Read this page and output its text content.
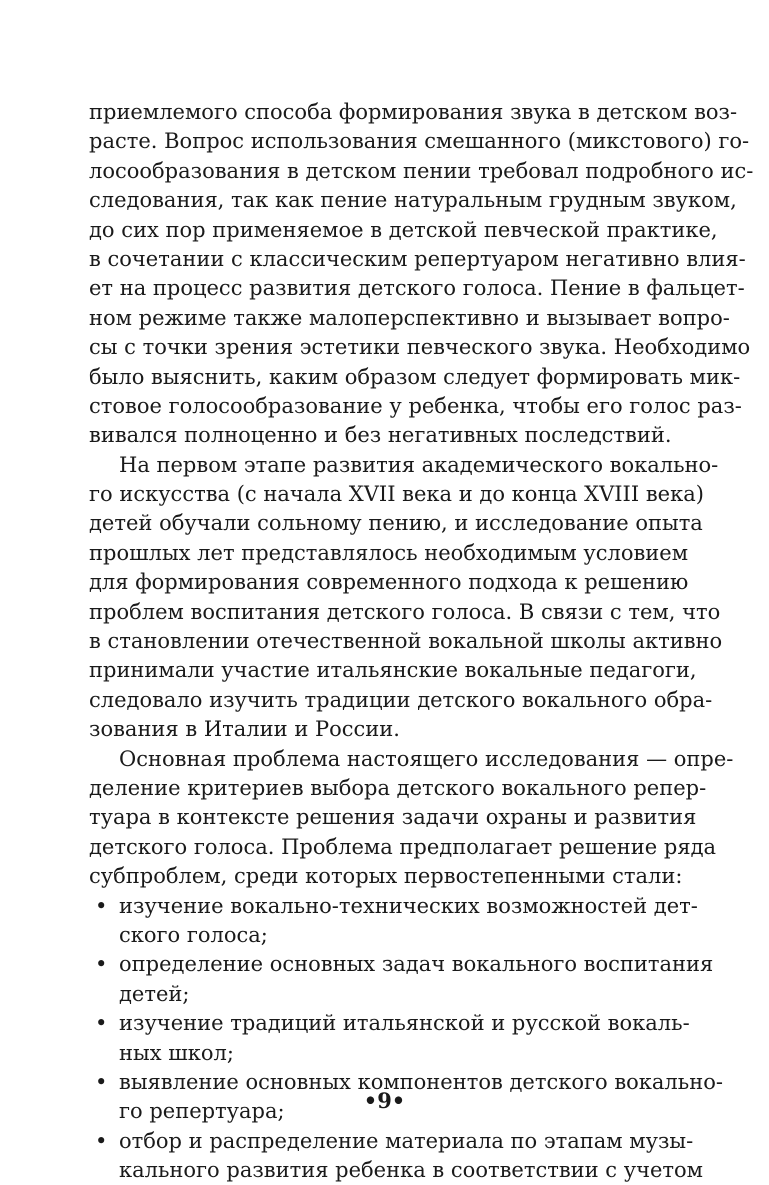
приемлемого способа формирования звука в детском воз-
расте. Вопрос использования смешанного (микстового) го-
лосообразования в детском пении требовал подробного ис-
следования, так как пение натуральным грудным звуком,
до сих пор применяемое в детской певческой практике,
в сочетании с классическим репертуаром негативно влия-
ет на процесс развития детского голоса. Пение в фальцет-
ном режиме также малоперспективно и вызывает вопро-
сы с точки зрения эстетики певческого звука. Необходимо
было выяснить, каким образом следует формировать мик-
стовое голосообразование у ребенка, чтобы его голос раз-
вивался полноценно и без негативных последствий.
На первом этапе развития академического вокально-
го искусства (с начала XVII века и до конца XVIII века)
детей обучали сольному пению, и исследование опыта
прошлых лет представлялось необходимым условием
для формирования современного подхода к решению
проблем воспитания детского голоса. В связи с тем, что
в становлении отечественной вокальной школы активно
принимали участие итальянские вокальные педагоги,
следовало изучить традиции детского вокального обра-
зования в Италии и России.
Основная проблема настоящего исследования — опре-
деление критериев выбора детского вокального репер-
туара в контексте решения задачи охраны и развития
детского голоса. Проблема предполагает решение ряда
субпроблем, среди которых первостепенными стали:
• изучение вокально-технических возможностей дет-
ского голоса;
• определение основных задач вокального воспитания
детей;
• изучение традиций итальянской и русской вокаль-
ных школ;
• выявление основных компонентов детского вокально-
го репертуара;
• отбор и распределение материала по этапам музы-
кального развития ребенка в соответствии с учетом
•9•
